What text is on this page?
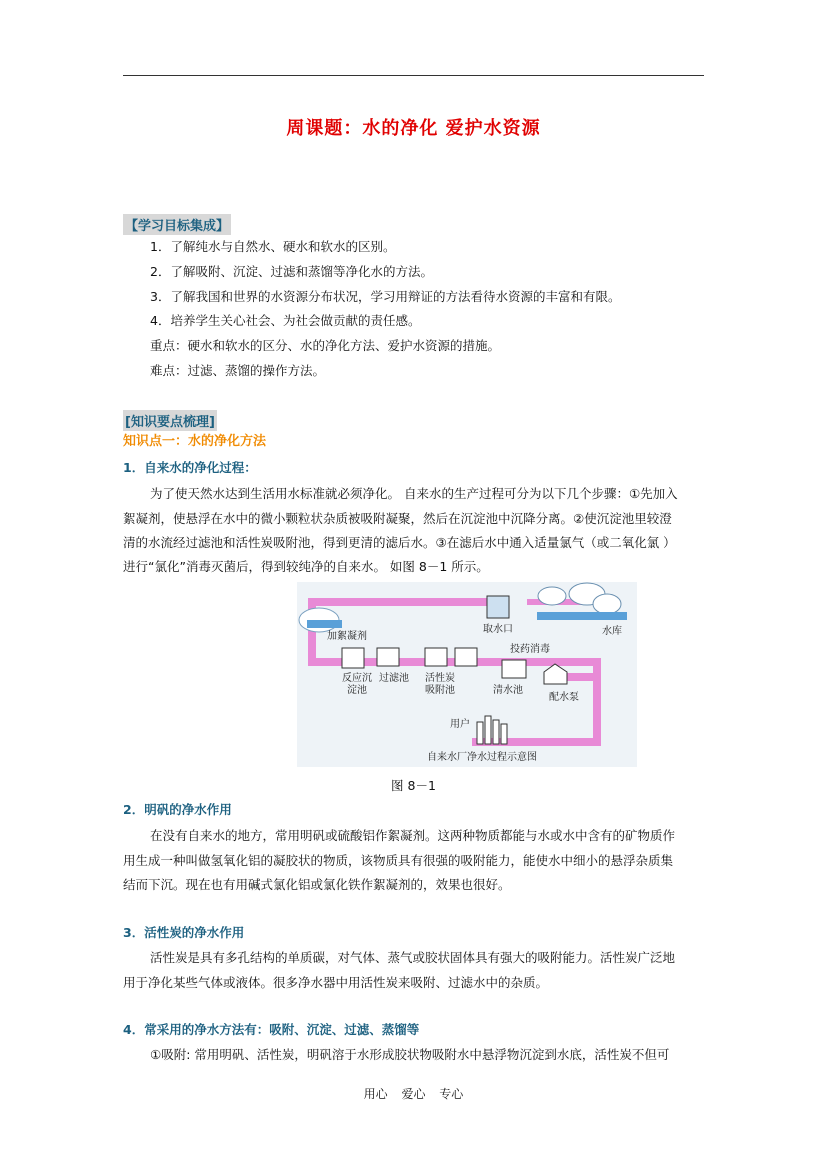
周课题：水的净化 爱护水资源
【学习目标集成】
1．了解纯水与自然水、硬水和软水的区别。
2．了解吸附、沉淀、过滤和蒸馏等净化水的方法。
3．了解我国和世界的水资源分布状况，学习用辩证的方法看待水资源的丰富和有限。
4．培养学生关心社会、为社会做贡献的责任感。
重点：硬水和软水的区分、水的净化方法、爱护水资源的措施。
难点：过滤、蒸馏的操作方法。
[知识要点梳理]
知识点一：水的净化方法
1．自来水的净化过程：
为了使天然水达到生活用水标准就必须净化。 自来水的生产过程可分为以下几个步骤：①先加入
絮凝剂，使悬浮在水中的微小颗粒状杂质被吸附凝聚，然后在沉淀池中沉降分离。②使沉淀池里较澄
清的水流经过滤池和活性炭吸附池，得到更清的滤后水。③在滤后水中通入适量氯气（或二氧化氯 ）
进行“氯化”消毒灭菌后，得到较纯净的自来水。 如图 8－1 所示。
加絮凝剂
取水口	水库
投药消毒
反应沉
淀池
过滤池 活性炭
吸附池	清水池
配水泵
用户
自来水厂净水过程示意图
图 8－1
2．明矾的净水作用
在没有自来水的地方，常用明矾或硫酸铝作絮凝剂。这两种物质都能与水或水中含有的矿物质作
用生成一种叫做氢氧化铝的凝胶状的物质，该物质具有很强的吸附能力，能使水中细小的悬浮杂质集
结而下沉。现在也有用碱式氯化铝或氯化铁作絮凝剂的，效果也很好。
3．活性炭的净水作用
活性炭是具有多孔结构的单质碳，对气体、蒸气或胶状固体具有强大的吸附能力。活性炭广泛地
用于净化某些气体或液体。很多净水器中用活性炭来吸附、过滤水中的杂质。
4．常采用的净水方法有：吸附、沉淀、过滤、蒸馏等
①吸附: 常用明矾、活性炭，明矾溶于水形成胶状物吸附水中悬浮物沉淀到水底，活性炭不但可
用心 爱心 专心
